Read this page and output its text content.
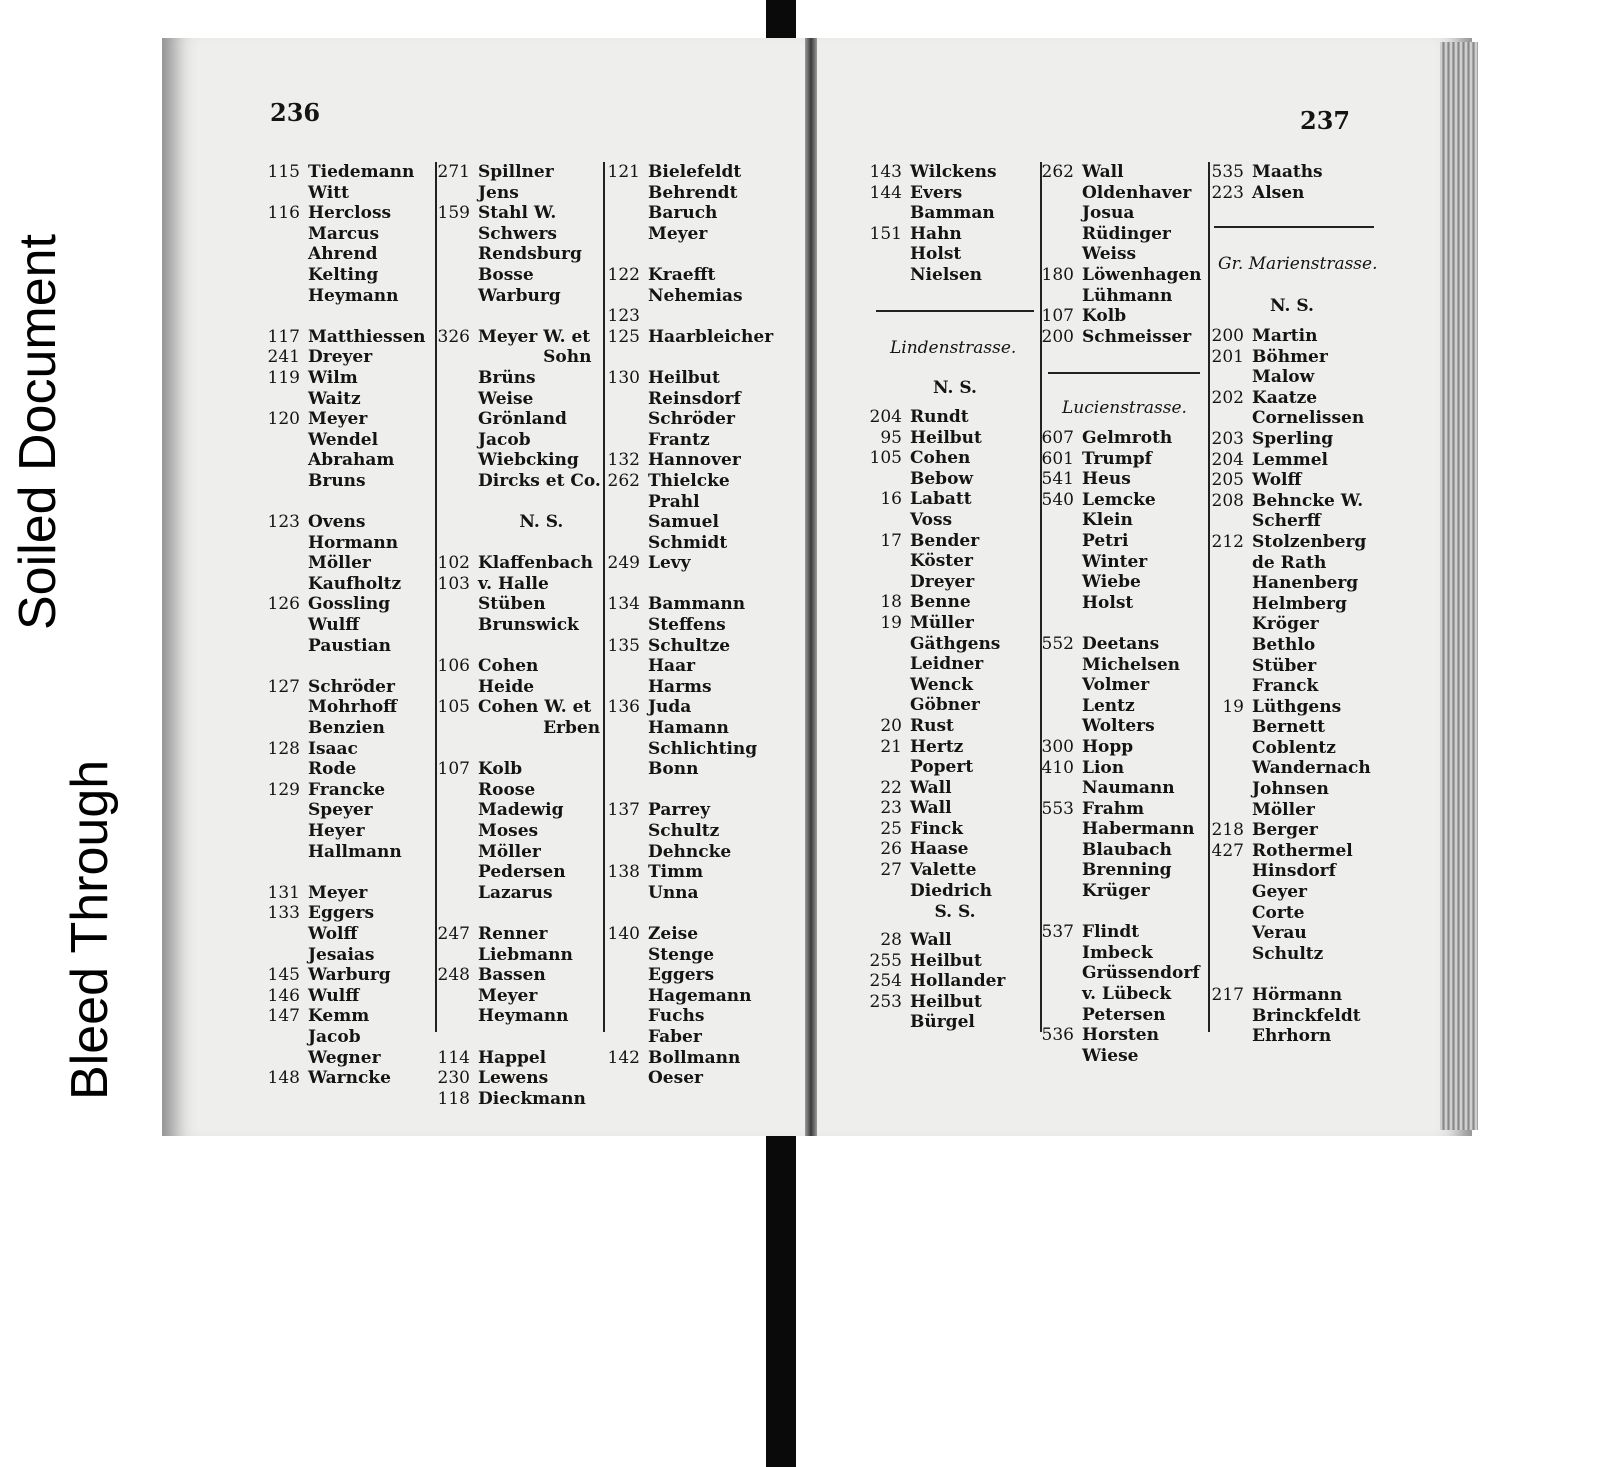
236	237
115 Tiedemann
Witt
116 Hercloss
Marcus
Ahrend
Kelting
Heymann
117 Matthiessen
241 Dreyer
119 Wilm
Waitz
120 Meyer
Wendel
Abraham
Bruns
123 Ovens
Hormann
Möller
Kaufholtz
126 Gossling
Wulff
Paustian
127 Schröder
Mohrhoff
Benzien
128 Isaac
Rode
129 Francke
Speyer
Heyer
Hallmann
131 Meyer
133 Eggers
Wolff
Jesaias
145 Warburg
146 Wulff
147 Kemm
Jacob
Wegner
148 Warncke
271 Spillner
Jens
159 Stahl W.
Schwers
Rendsburg
Bosse
Warburg
326 Meyer W. et
Sohn
Brüns
Weise
Grönland
Jacob
Wiebcking
Dircks et Co.
N. S.
102 Klaffenbach
103 v. Halle
Stüben
Brunswick
106 Cohen
Heide
105 Cohen W. et
Erben
107 Kolb
Roose
Madewig
Moses
Möller
Pedersen
Lazarus
247 Renner
Liebmann
248 Bassen
Meyer
Heymann
114 Happel
230 Lewens
118 Dieckmann
121 Bielefeldt
Behrendt
Baruch
Meyer
122 Kraefft
Nehemias
123
125 Haarbleicher
130 Heilbut
Reinsdorf
Schröder
Frantz
132 Hannover
262 Thielcke
Prahl
Samuel
Schmidt
249 Levy
134 Bammann
Steffens
135 Schultze
Haar
Harms
136 Juda
Hamann
Schlichting
Bonn
137 Parrey
Schultz
Dehncke
138 Timm
Unna
140 Zeise
Stenge
Eggers
Hagemann
Fuchs
Faber
142 Bollmann
Oeser
143 Wilckens
144 Evers
Bamman
151 Hahn
Holst
Nielsen
Lindenstrasse.
N. S.
204 Rundt
95 Heilbut
105 Cohen
Bebow
16 Labatt
Voss
17 Bender
Köster
Dreyer
18 Benne
19 Müller
Gäthgens
Leidner
Wenck
Göbner
20 Rust
21 Hertz
Popert
22 Wall
23 Wall
25 Finck
26 Haase
27 Valette
Diedrich
S. S.
28 Wall
255 Heilbut
254 Hollander
253 Heilbut
Bürgel
262 Wall
Oldenhaver
Josua
Rüdinger
Weiss
180 Löwenhagen
Lühmann
107 Kolb
200 Schmeisser
Lucienstrasse.
607 Gelmroth
601 Trumpf
541 Heus
540 Lemcke
Klein
Petri
Winter
Wiebe
Holst
552 Deetans
Michelsen
Volmer
Lentz
Wolters
300 Hopp
410 Lion
Naumann
553 Frahm
Habermann
Blaubach
Brenning
Krüger
537 Flindt
Imbeck
Grüssendorf
v. Lübeck
Petersen
536 Horsten
Wiese
535 Maaths
223 Alsen
Gr. Marienstrasse.
N. S.
200 Martin
201 Böhmer
Malow
202 Kaatze
Cornelissen
203 Sperling
204 Lemmel
205 Wolff
208 Behncke W.
Scherff
212 Stolzenberg
de Rath
Hanenberg
Helmberg
Kröger
Bethlo
Stüber
Franck
19 Lüthgens
Bernett
Coblentz
Wandernach
Johnsen
Möller
218 Berger
427 Rothermel
Hinsdorf
Geyer
Corte
Verau
Schultz
217 Hörmann
Brinckfeldt
Ehrhorn
Bleed Through
Soiled Document
